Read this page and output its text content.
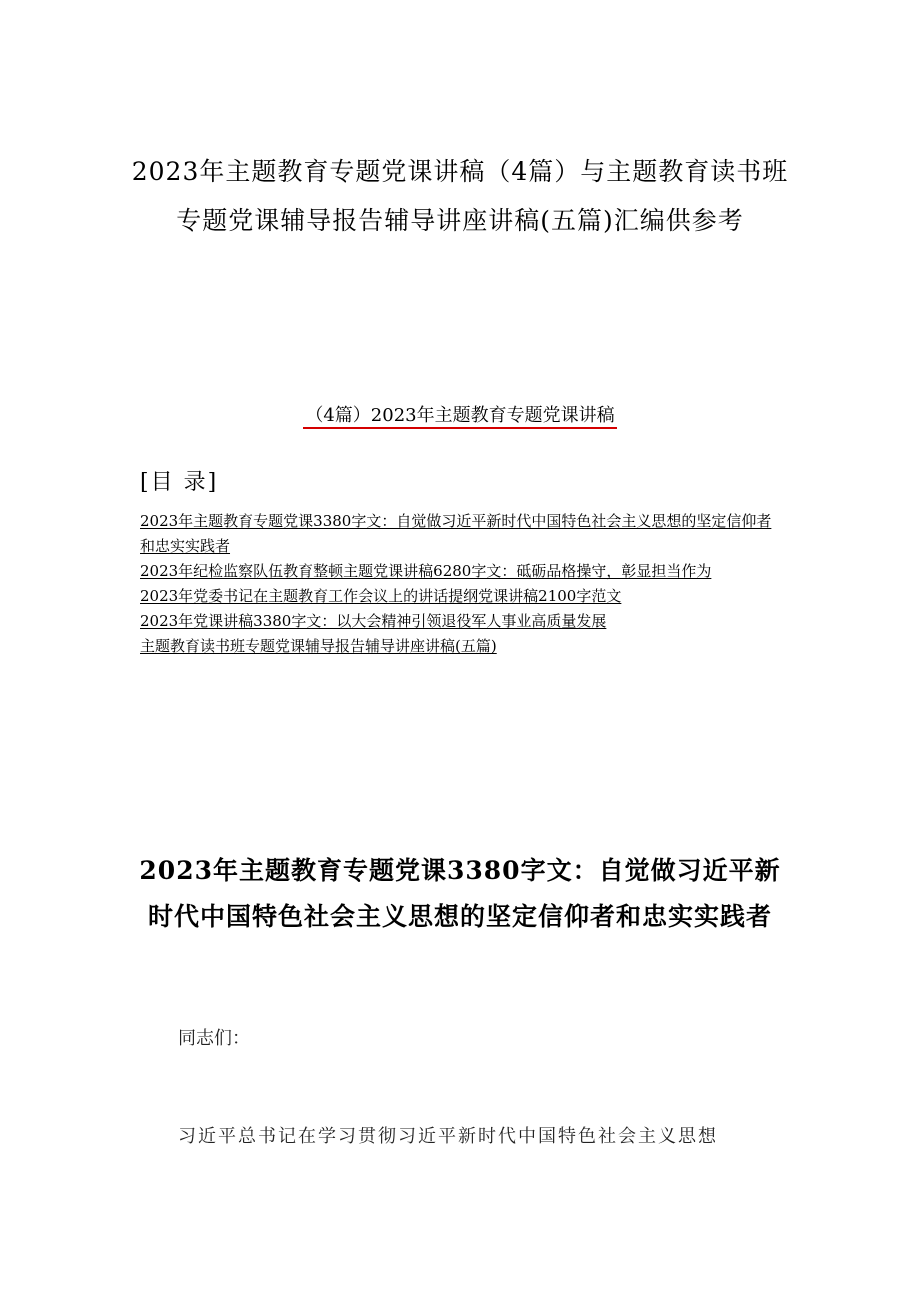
2023年主题教育专题党课讲稿（4篇）与主题教育读书班专题党课辅导报告辅导讲座讲稿(五篇)汇编供参考
（4篇）2023年主题教育专题党课讲稿
[目 录]
2023年主题教育专题党课3380字文：自觉做习近平新时代中国特色社会主义思想的坚定信仰者和忠实实践者
2023年纪检监察队伍教育整顿主题党课讲稿6280字文：砥砺品格操守，彰显担当作为
2023年党委书记在主题教育工作会议上的讲话提纲党课讲稿2100字范文
2023年党课讲稿3380字文：以大会精神引领退役军人事业高质量发展
主题教育读书班专题党课辅导报告辅导讲座讲稿(五篇)
2023年主题教育专题党课3380字文：自觉做习近平新时代中国特色社会主义思想的坚定信仰者和忠实实践者

同志们：

习近平总书记在学习贯彻习近平新时代中国特色社会主义思想
